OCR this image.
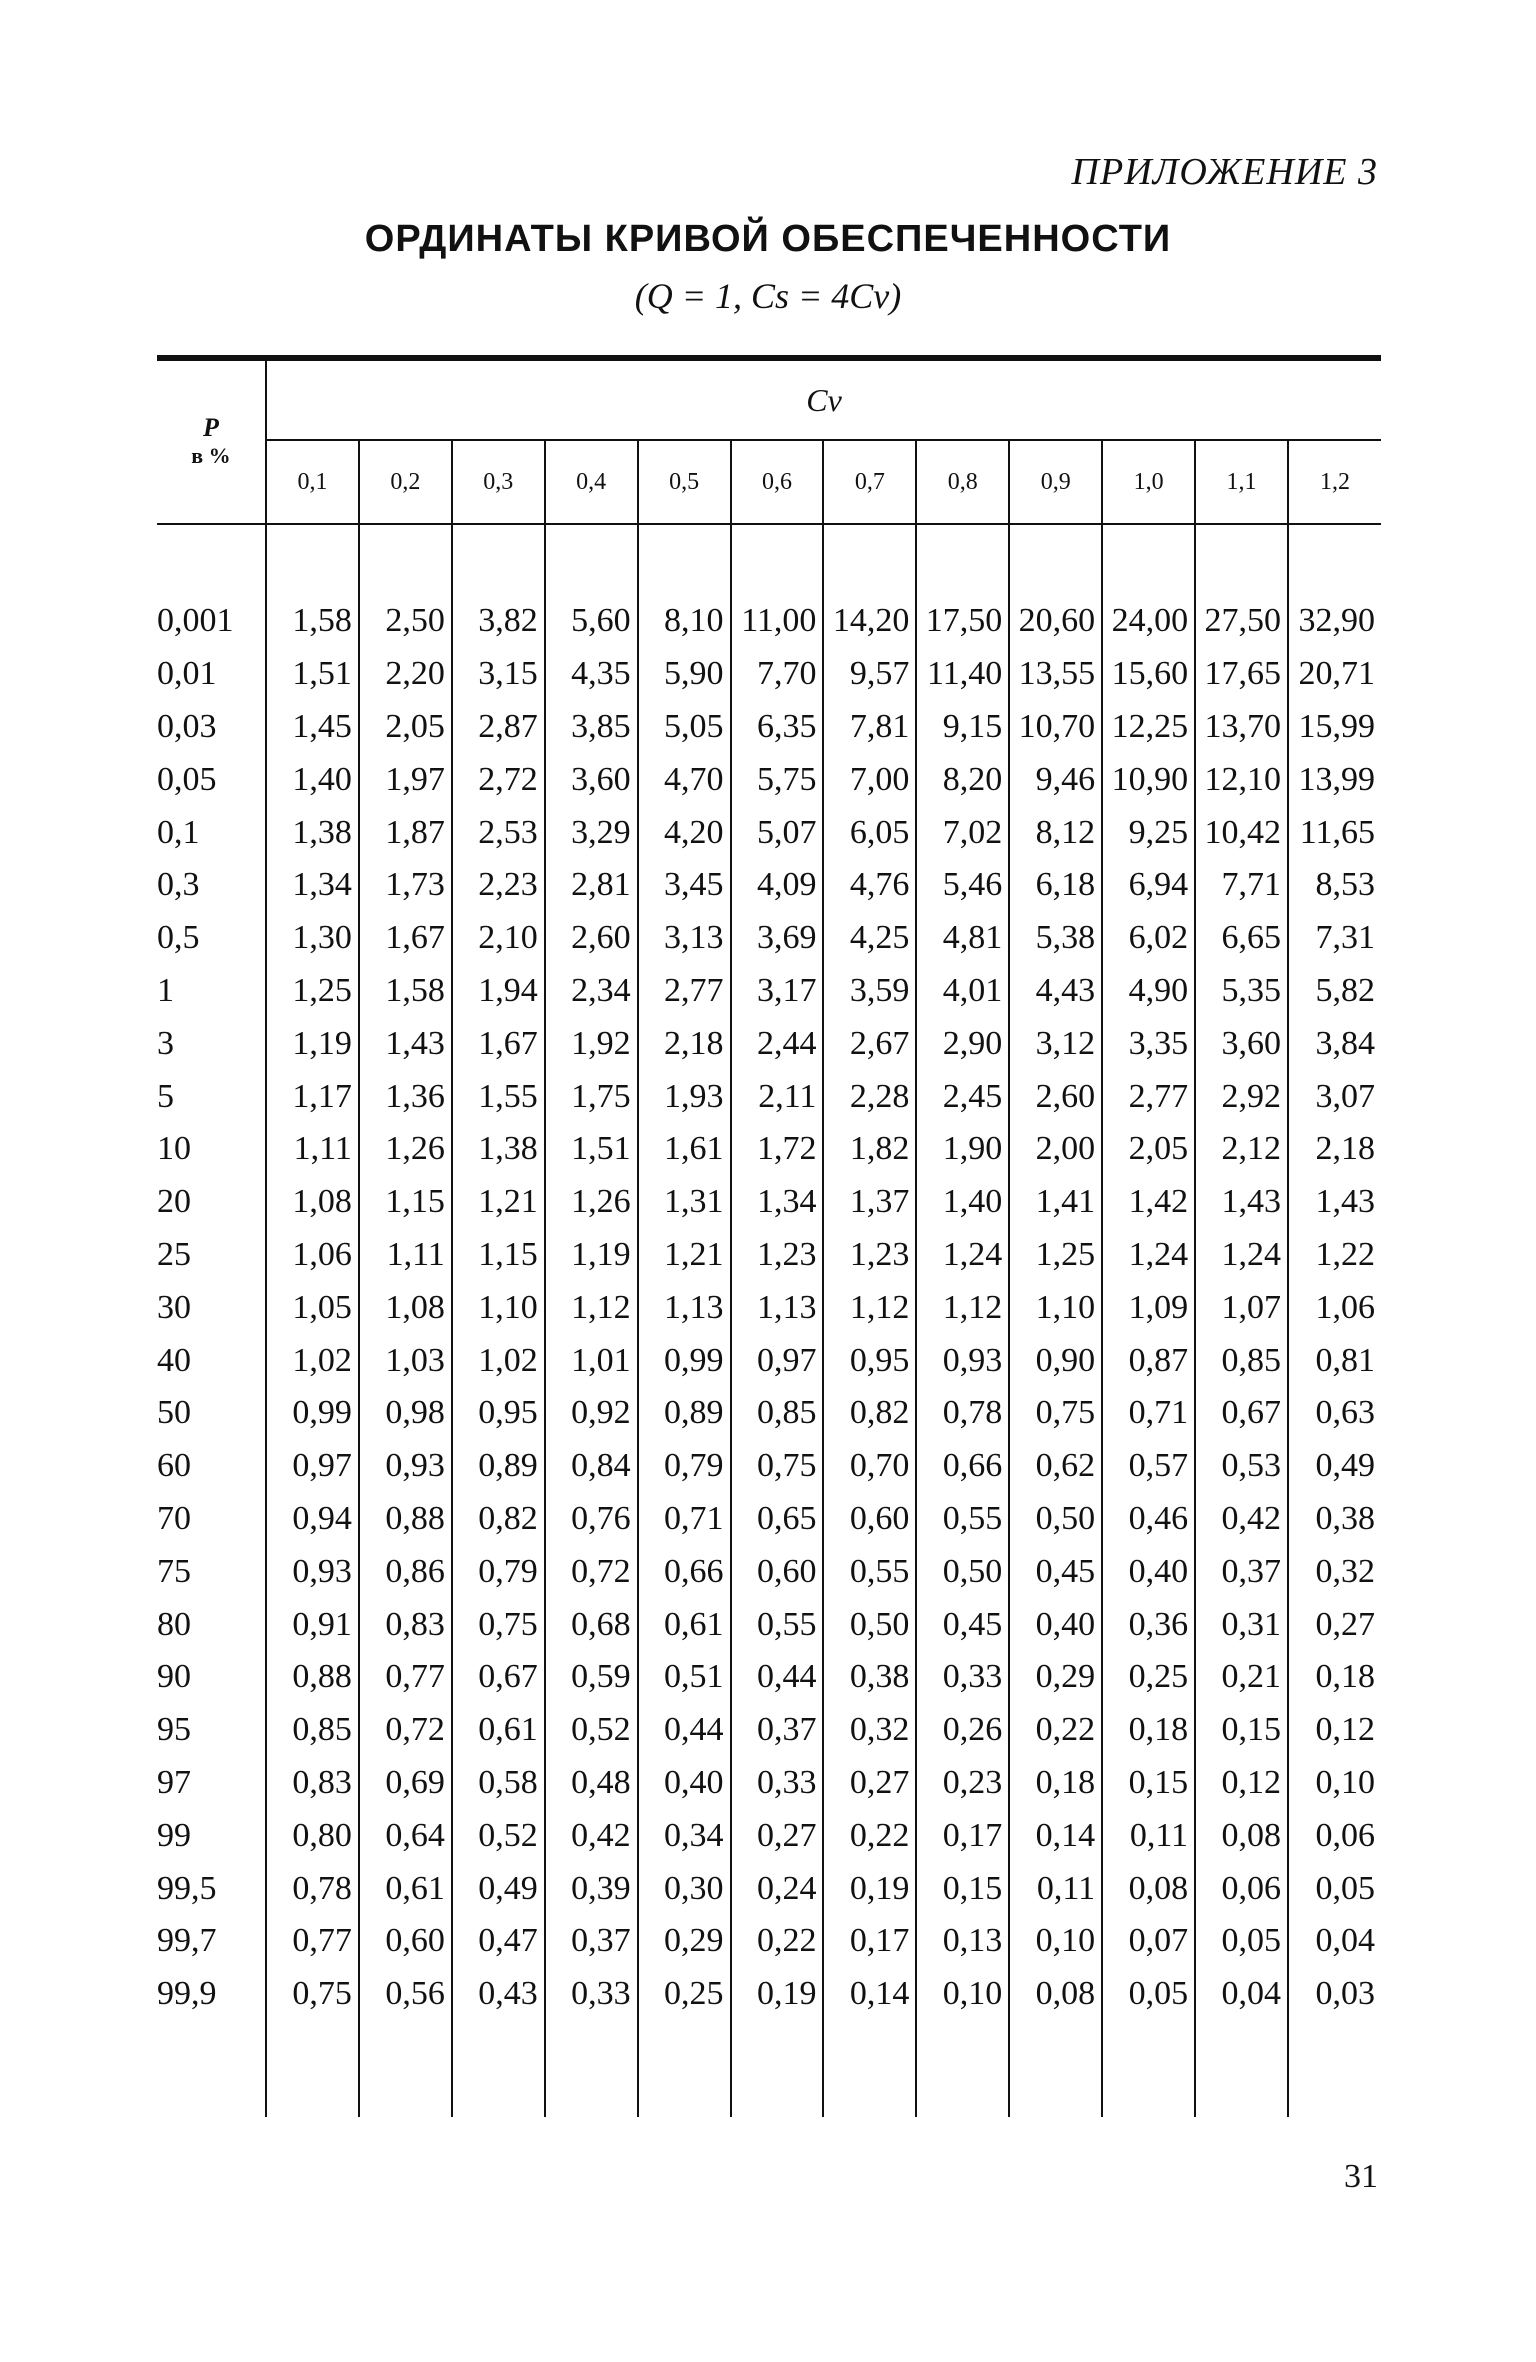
ПРИЛОЖЕНИЕ 3
ОРДИНАТЫ КРИВОЙ ОБЕСПЕЧЕННОСТИ
(Q = 1, Cs = 4Cv)
P
в %	Cv											
	0,1	0,2	0,3	0,4	0,5	0,6	0,7	0,8	0,9	1,0	1,1	1,2

0,001	1,58	2,50	3,82	5,60	8,10	11,00	14,20	17,50	20,60	24,00	27,50	32,90
0,01	1,51	2,20	3,15	4,35	5,90	7,70	9,57	11,40	13,55	15,60	17,65	20,71
0,03	1,45	2,05	2,87	3,85	5,05	6,35	7,81	9,15	10,70	12,25	13,70	15,99
0,05	1,40	1,97	2,72	3,60	4,70	5,75	7,00	8,20	9,46	10,90	12,10	13,99
0,1	1,38	1,87	2,53	3,29	4,20	5,07	6,05	7,02	8,12	9,25	10,42	11,65
0,3	1,34	1,73	2,23	2,81	3,45	4,09	4,76	5,46	6,18	6,94	7,71	8,53
0,5	1,30	1,67	2,10	2,60	3,13	3,69	4,25	4,81	5,38	6,02	6,65	7,31
1	1,25	1,58	1,94	2,34	2,77	3,17	3,59	4,01	4,43	4,90	5,35	5,82
3	1,19	1,43	1,67	1,92	2,18	2,44	2,67	2,90	3,12	3,35	3,60	3,84
5	1,17	1,36	1,55	1,75	1,93	2,11	2,28	2,45	2,60	2,77	2,92	3,07
10	1,11	1,26	1,38	1,51	1,61	1,72	1,82	1,90	2,00	2,05	2,12	2,18
20	1,08	1,15	1,21	1,26	1,31	1,34	1,37	1,40	1,41	1,42	1,43	1,43
25	1,06	1,11	1,15	1,19	1,21	1,23	1,23	1,24	1,25	1,24	1,24	1,22
30	1,05	1,08	1,10	1,12	1,13	1,13	1,12	1,12	1,10	1,09	1,07	1,06
40	1,02	1,03	1,02	1,01	0,99	0,97	0,95	0,93	0,90	0,87	0,85	0,81
50	0,99	0,98	0,95	0,92	0,89	0,85	0,82	0,78	0,75	0,71	0,67	0,63
60	0,97	0,93	0,89	0,84	0,79	0,75	0,70	0,66	0,62	0,57	0,53	0,49
70	0,94	0,88	0,82	0,76	0,71	0,65	0,60	0,55	0,50	0,46	0,42	0,38
75	0,93	0,86	0,79	0,72	0,66	0,60	0,55	0,50	0,45	0,40	0,37	0,32
80	0,91	0,83	0,75	0,68	0,61	0,55	0,50	0,45	0,40	0,36	0,31	0,27
90	0,88	0,77	0,67	0,59	0,51	0,44	0,38	0,33	0,29	0,25	0,21	0,18
95	0,85	0,72	0,61	0,52	0,44	0,37	0,32	0,26	0,22	0,18	0,15	0,12
97	0,83	0,69	0,58	0,48	0,40	0,33	0,27	0,23	0,18	0,15	0,12	0,10
99	0,80	0,64	0,52	0,42	0,34	0,27	0,22	0,17	0,14	0,11	0,08	0,06
99,5	0,78	0,61	0,49	0,39	0,30	0,24	0,19	0,15	0,11	0,08	0,06	0,05
99,7	0,77	0,60	0,47	0,37	0,29	0,22	0,17	0,13	0,10	0,07	0,05	0,04
99,9	0,75	0,56	0,43	0,33	0,25	0,19	0,14	0,10	0,08	0,05	0,04	0,03

31
